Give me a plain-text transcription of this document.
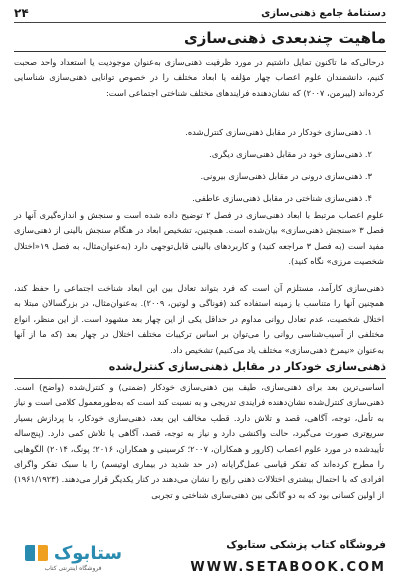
دستنامهٔ جامع ذهنی‌سازی
۲۴
ماهیت چندبعدی ذهنی‌سازی
درحالی‌که ما تاکنون تمایل داشتیم در مورد ظرفیت ذهنی‌سازی به‌عنوان موجودیت یا استعداد واحد صحبت کنیم، دانشمندان علوم اعصاب چهار مؤلفه یا ابعاد مختلف را در خصوص توانایی ذهنی‌سازی شناسایی کرده‌اند (لیبرمن، ۲۰۰۷) که نشان‌دهنده فرایندهای مختلف شناختی اجتماعی است:
۱. ذهنی‌سازی خودکار در مقابل ذهنی‌سازی کنترل‌شده.
۲. ذهنی‌سازی خود در مقابل ذهنی‌سازی دیگری.
۳. ذهنی‌سازی درونی در مقابل ذهنی‌سازی بیرونی.
۴. ذهنی‌سازی شناختی در مقابل ذهنی‌سازی عاطفی.
علوم اعصاب مرتبط با ابعاد ذهنی‌سازی در فصل ۲ توضیح داده شده است و سنجش و اندازه‌گیری آنها در فصل ۳ «سنجش ذهنی‌سازی» بیان‌شده است. همچنین، تشخیص ابعاد در هنگام سنجش بالینی از ذهنی‌سازی مفید است (به فصل ۳ مراجعه کنید) و کاربردهای بالینی قابل‌توجهی دارد (به‌عنوان‌مثال، به فصل ۱۹«اختلال شخصیت مرزی» نگاه کنید).
ذهنی‌سازی کارآمد، مستلزم آن است که فرد بتواند تعادل بین این ابعاد شناخت اجتماعی را حفظ کند، همچنین آنها را متناسب با زمینه استفاده کند (فوناگی و لوتین، ۲۰۰۹). به‌عنوان‌مثال، در بزرگسالان مبتلا به اختلال شخصیت، عدم تعادل روانی مداوم در حداقل یکی از این چهار بعد مشهود است. از این منظر، انواع مختلفی از آسیب‌شناسی روانی را می‌توان بر اساس ترکیبات مختلف اختلال در چهار بعد (که ما از آنها به‌عنوان «نیمرخ ذهنی‌سازی» مختلف یاد می‌کنیم) تشخیص داد.
ذهنی‌سازی خودکار در مقابل ذهنی‌سازی کنترل‌شده
اساسی‌ترین بعد برای ذهنی‌سازی، طیف بین ذهنی‌سازی خودکار (ضمنی) و کنترل‌شده (واضح) است. ذهنی‌سازی کنترل‌شده نشان‌دهنده فرایندی تدریجی و به نسبت کند است که به‌طورمعمول کلامی است و نیاز به تأمل، توجه، آگاهی، قصد و تلاش دارد. قطب مخالف این بعد، ذهنی‌سازی خودکار، با پردازش بسیار سریع‌تری صورت می‌گیرد، حالت واکنشی دارد و نیاز به توجه، قصد، آگاهی یا تلاش کمی دارد. (پنج‌ساله تأیید‌شده در مورد علوم اعصاب (کارور و همکاران، ۲۰۰۷؛ کرسینی و همکاران، ۲۰۱۶؛ پونگ، ۲۰۱۴) الگوهایی را مطرح کرده‌اند که تفکر قیاسی عمل‌گرایانه (در حد شدید در بیماری اوتیسم) را با سبک تفکر واگرای افرادی که با احتمال بیشتری اختلالات ذهنی رایج را نشان می‌دهند در کنار یکدیگر قرار می‌دهند. (۱۹۶۱/۱۹۲۳) از اولین کسانی بود که به دو گانگی بین ذهنی‌سازی شناختی و تجربی
فروشگاه کتاب پزشکی ستابوک
WWW.SETABOOK.COM
ستابوک
فروشگاه اینترنتی کتاب
